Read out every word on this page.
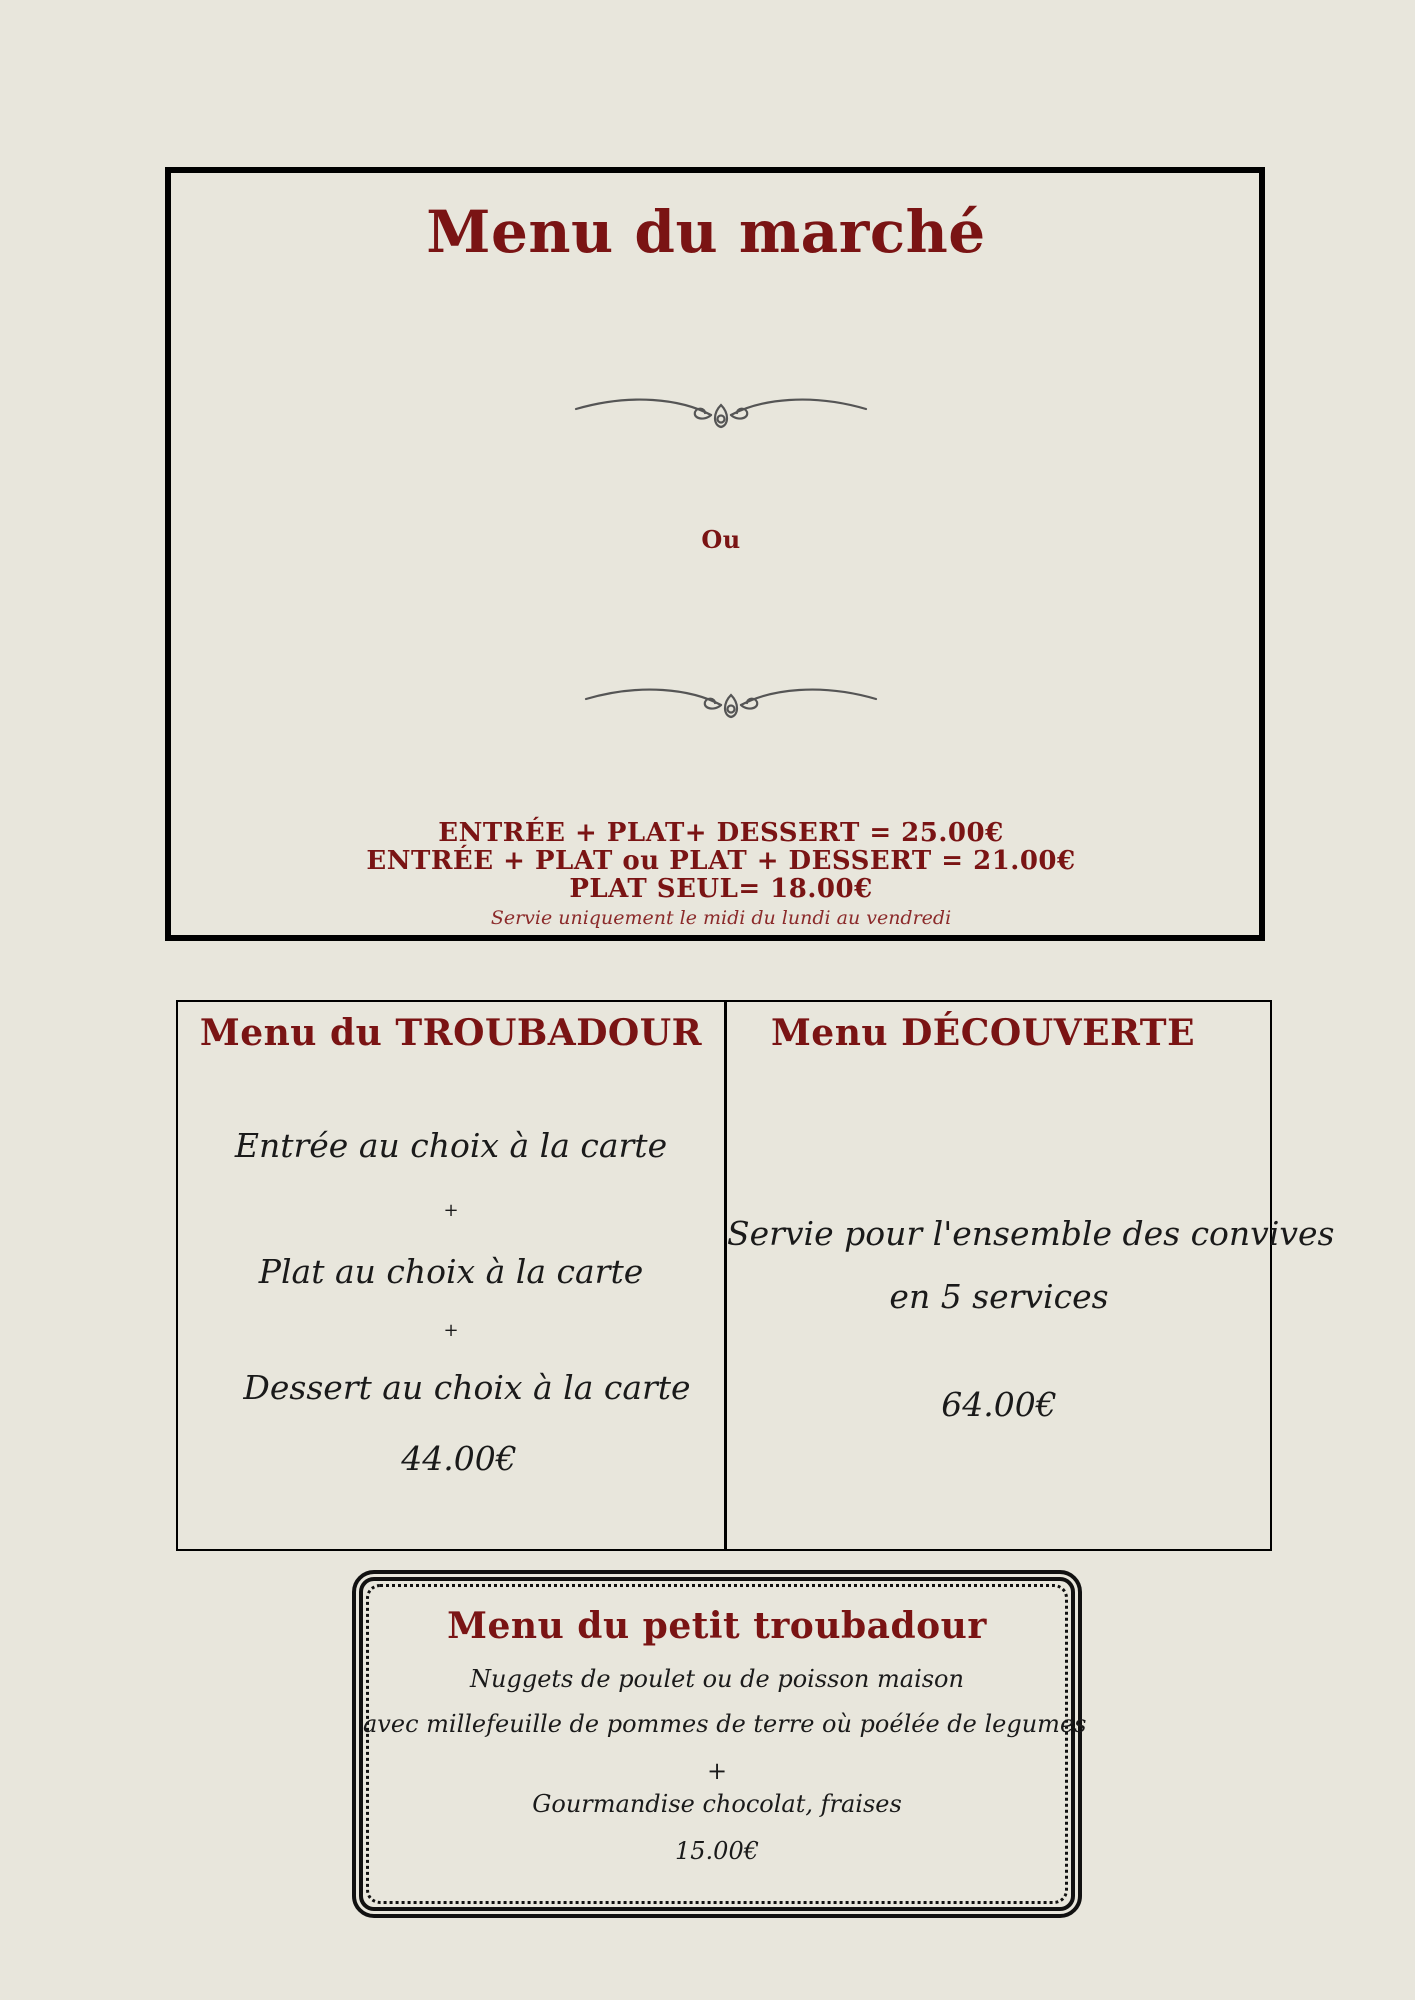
Menu du marché
Ou
ENTRÉE + PLAT+ DESSERT = 25.00€
ENTRÉE + PLAT ou PLAT + DESSERT = 21.00€
PLAT SEUL= 18.00€
Servie uniquement le midi du lundi au vendredi
Menu du TROUBADOUR
Entrée au choix à la carte
+
Plat au choix à la carte
+
Dessert au choix à la carte
44.00€
Menu DÉCOUVERTE
Servie pour l'ensemble des convives
en 5 services
64.00€
Menu du petit troubadour
Nuggets de poulet ou de poisson maison
avec millefeuille de pommes de terre où poélée de legumes
+
Gourmandise chocolat, fraises
15.00€
